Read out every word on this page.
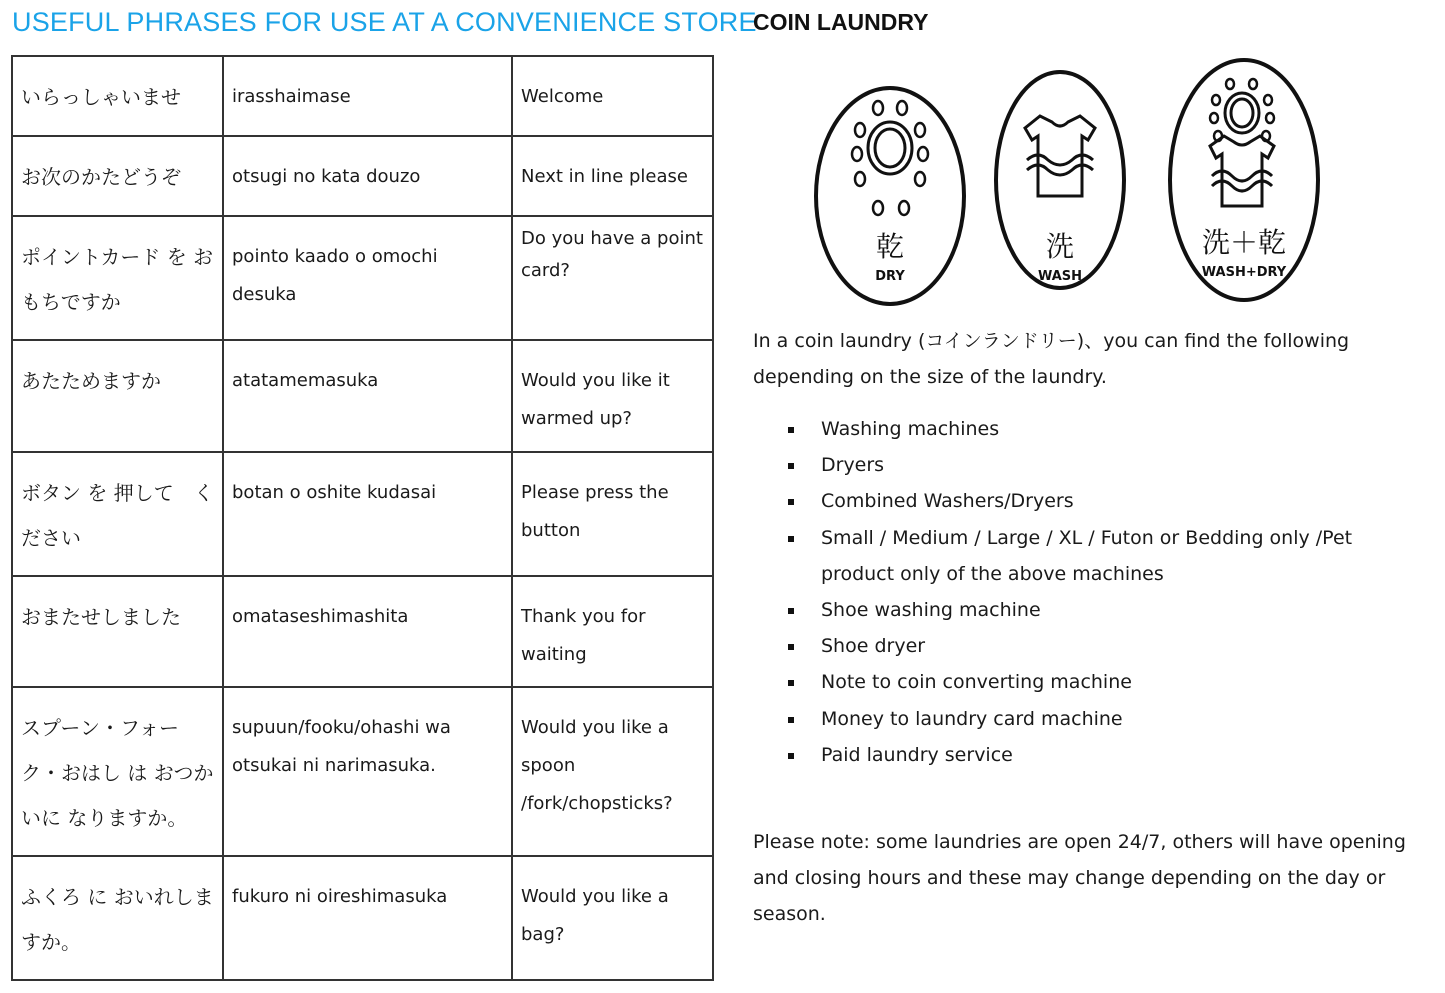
USEFUL PHRASES FOR USE AT A CONVENIENCE STORE
いらっしゃいませ	irasshaimase	Welcome
お次のかたどうぞ	otsugi no kata douzo	Next in line please
ポイントカード を おもちですか	pointo kaado o omochi desuka	Do you have a point card?
あたためますか	atatamemasuka	Would you like it warmed up?
ボタン を 押して　ください	botan o oshite kudasai	Please press the button
おまたせしました	omataseshimashita	Thank you for waiting
スプーン・フォーク・おはし は おつかいに なりますか。	supuun/fooku/ohashi wa otsukai ni narimasuka.	Would you like a spoon /fork/chopsticks?
ふくろ に おいれしますか。	fukuro ni oireshimasuka	Would you like a bag?
COIN LAUNDRY
乾
DRY
洗
WASH
洗＋乾
WASH+DRY
In a coin laundry (コインランドリー)、you can find the following depending on the size of the laundry.
Washing machines
Dryers
Combined Washers/Dryers
Small / Medium / Large / XL / Futon or Bedding only /Pet product only of the above machines
Shoe washing machine
Shoe dryer
Note to coin converting machine
Money to laundry card machine
Paid laundry service
Please note: some laundries are open 24/7, others will have opening and closing hours and these may change depending on the day or season.
